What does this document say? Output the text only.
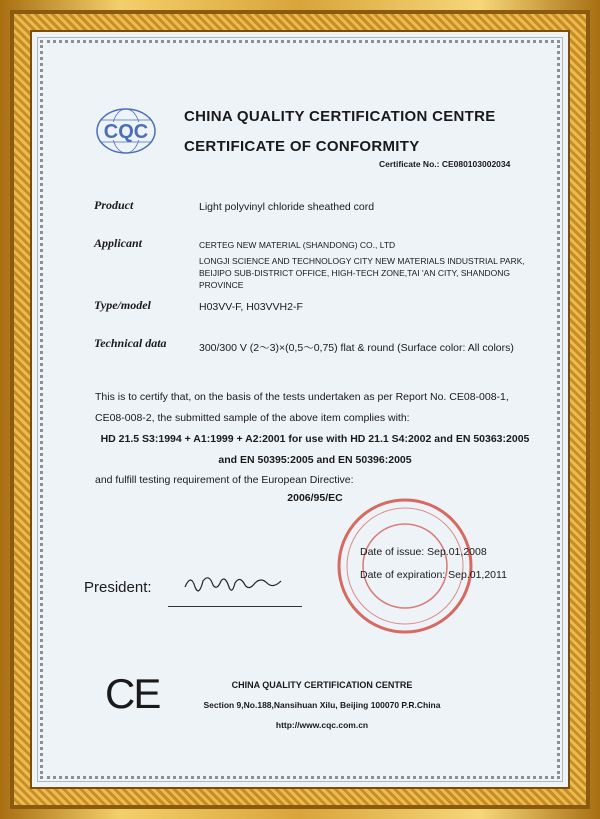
CQC
CHINA QUALITY CERTIFICATION CENTRE
CERTIFICATE OF CONFORMITY
Certificate No.: CE080103002034
Product	Light polyvinyl chloride sheathed cord
Applicant	CERTEG NEW MATERIAL (SHANDONG) CO., LTD
LONGJI SCIENCE AND TECHNOLOGY CITY NEW MATERIALS INDUSTRIAL PARK, BEIJIPO SUB-DISTRICT OFFICE, HIGH-TECH ZONE,TAI 'AN CITY, SHANDONG PROVINCE
Type/model	H03VV-F, H03VVH2-F
Technical data	300/300 V (2～3)×(0,5～0,75) flat & round (Surface color: All colors)
This is to certify that, on the basis of the tests undertaken as per Report No. CE08-008-1, CE08-008-2, the submitted sample of the above item complies with:
HD 21.5 S3:1994 + A1:1999 + A2:2001 for use with HD 21.1 S4:2002 and EN 50363:2005 and EN 50395:2005 and EN 50396:2005
and fulfill testing requirement of the European Directive:
2006/95/EC
Date of issue: Sep.01,2008
Date of expiration: Sep.01,2011
President:
CE	CHINA QUALITY CERTIFICATION CENTRE
Section 9,No.188,Nansihuan Xilu, Beijing 100070 P.R.China
http://www.cqc.com.cn
